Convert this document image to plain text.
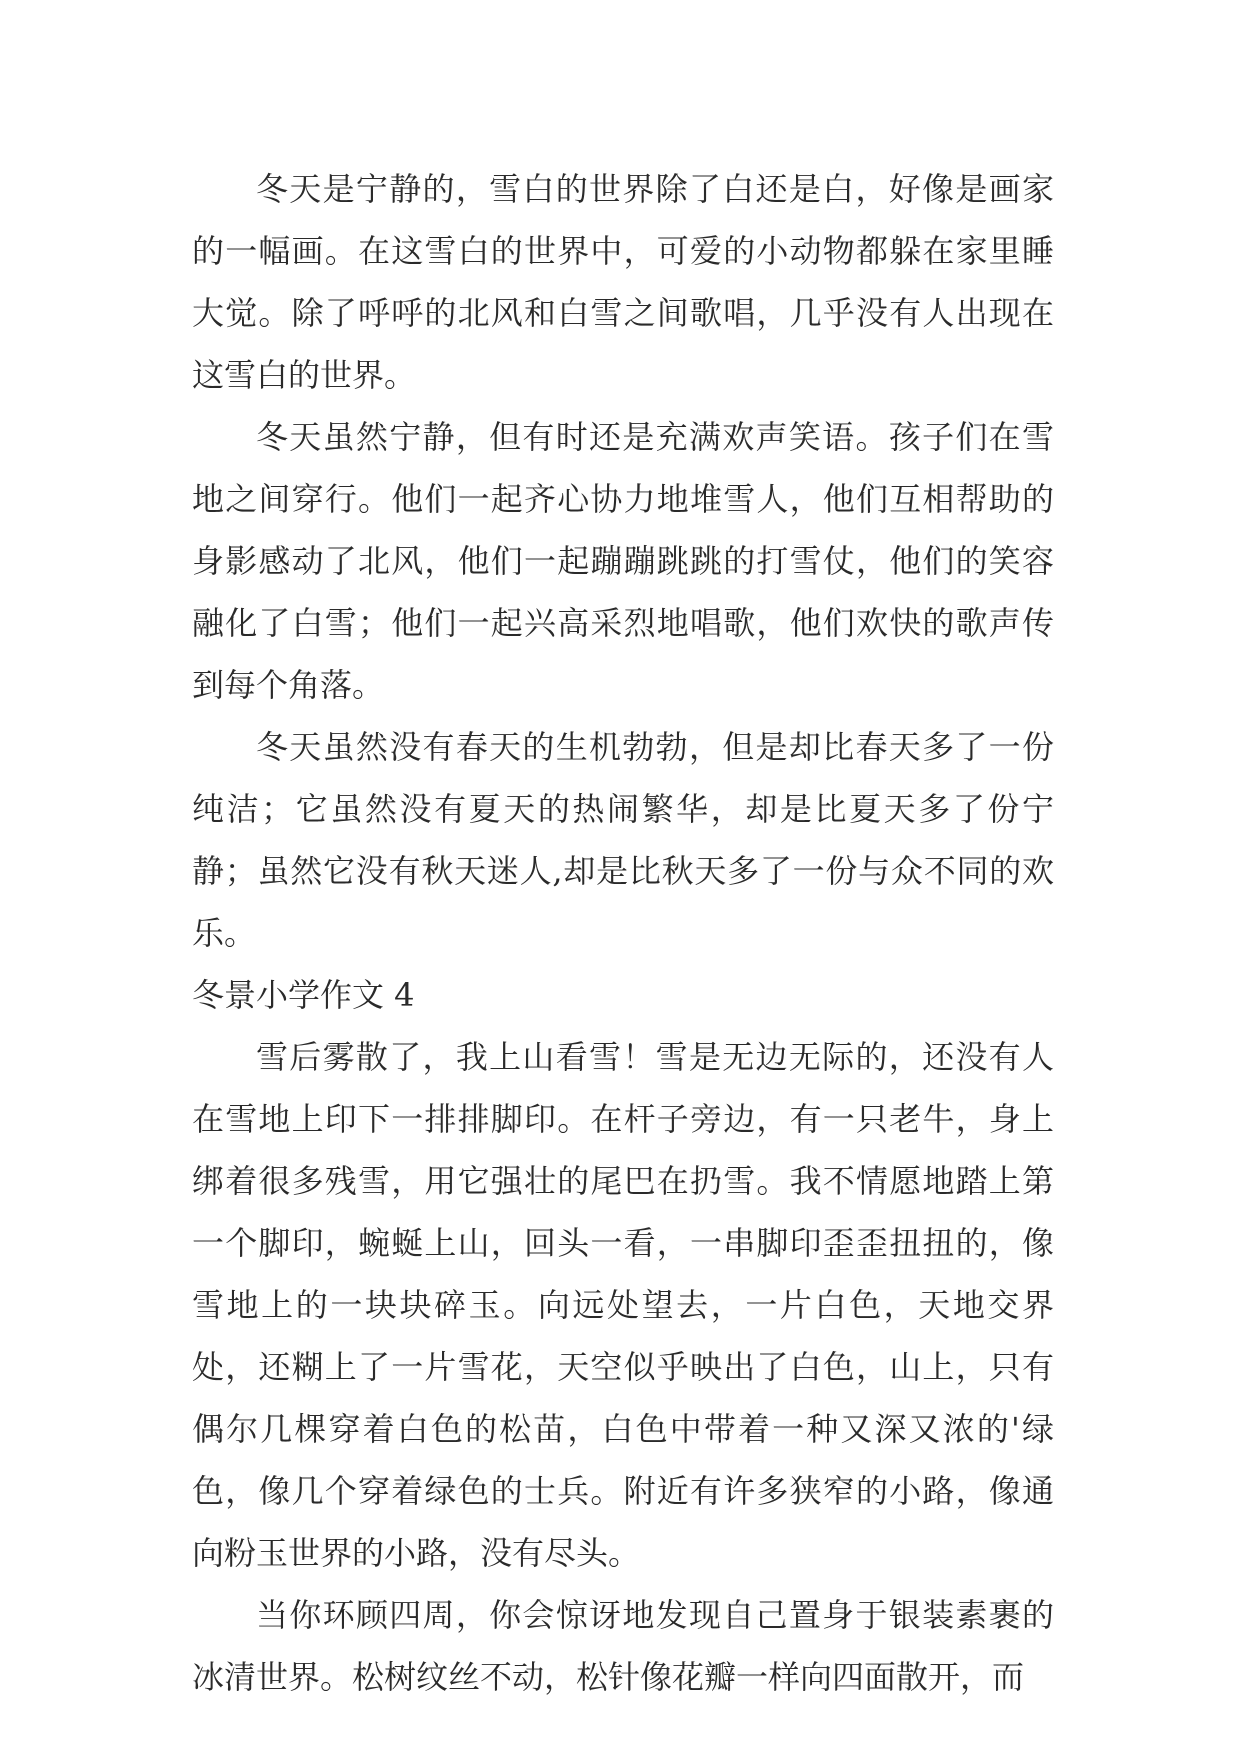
冬天是宁静的，雪白的世界除了白还是白，好像是画家的一幅画。在这雪白的世界中，可爱的小动物都躲在家里睡大觉。除了呼呼的北风和白雪之间歌唱，几乎没有人出现在这雪白的世界。

冬天虽然宁静，但有时还是充满欢声笑语。孩子们在雪地之间穿行。他们一起齐心协力地堆雪人，他们互相帮助的身影感动了北风，他们一起蹦蹦跳跳的打雪仗，他们的笑容融化了白雪；他们一起兴高采烈地唱歌，他们欢快的歌声传到每个角落。

冬天虽然没有春天的生机勃勃，但是却比春天多了一份纯洁；它虽然没有夏天的热闹繁华，却是比夏天多了份宁静；虽然它没有秋天迷人,却是比秋天多了一份与众不同的欢乐。

冬景小学作文 4

雪后雾散了，我上山看雪！雪是无边无际的，还没有人在雪地上印下一排排脚印。在杆子旁边，有一只老牛，身上绑着很多残雪，用它强壮的尾巴在扔雪。我不情愿地踏上第一个脚印，蜿蜒上山，回头一看，一串脚印歪歪扭扭的，像雪地上的一块块碎玉。向远处望去，一片白色，天地交界处，还糊上了一片雪花，天空似乎映出了白色，山上，只有偶尔几棵穿着白色的松苗，白色中带着一种又深又浓的'绿色，像几个穿着绿色的士兵。附近有许多狭窄的小路，像通向粉玉世界的小路，没有尽头。

当你环顾四周，你会惊讶地发现自己置身于银装素裹的冰清世界。松树纹丝不动，松针像花瓣一样向四面散开，而
